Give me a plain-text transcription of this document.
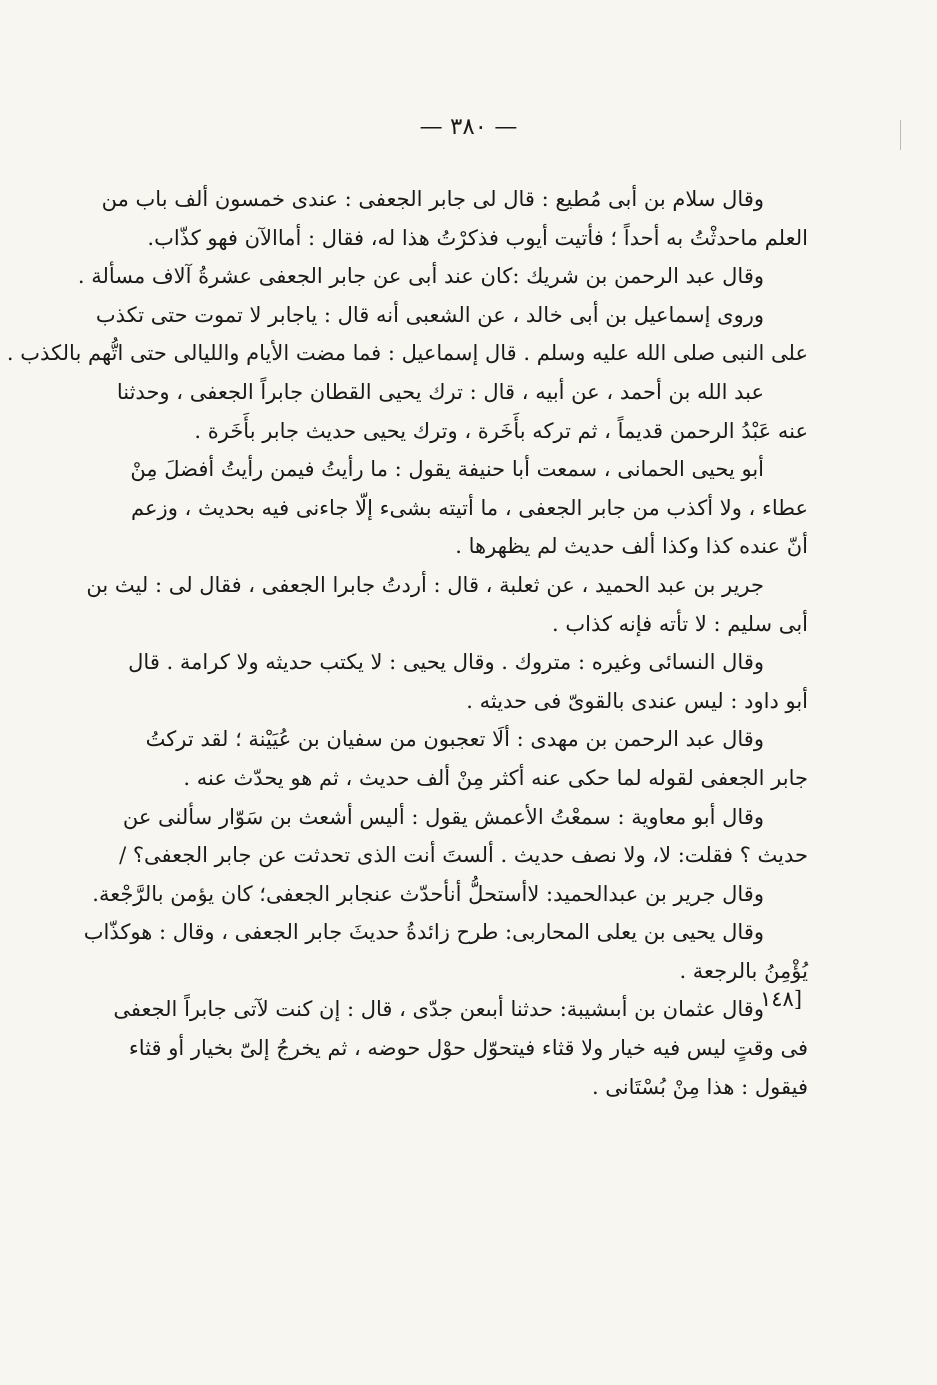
— ٣٨٠ —
[١٤٨
وقال سلام بن أبى مُطيع : قال لى جابر الجعفى : عندى خمسون ألف باب من
العلم ماحدثْتُ به أحداً ؛ فأتيت أيوب فذكرْتُ هذا له، فقال : أماالآن فهو كذّاب.
وقال عبد الرحمن بن شريك :كان عند أبى عن جابر الجعفى عشرةُ آلاف مسألة .
وروى إسماعيل بن أبى خالد ، عن الشعبى أنه قال : ياجابر لا تموت حتى تكذب
على النبى صلى الله عليه وسلم . قال إسماعيل : فما مضت الأيام والليالى حتى اتُّهم بالكذب .
عبد الله بن أحمد ، عن أبيه ، قال : ترك يحيى القطان جابراً الجعفى ، وحدثنا
عنه عَبْدُ الرحمن قديماً ، ثم تركه بأَخَرة ، وترك يحيى حديث جابر بأَخَرة .
أبو يحيى الحمانى ، سمعت أبا حنيفة يقول : ما رأيتُ فيمن رأيتُ أفضلَ مِنْ
عطاء ، ولا أكذب من جابر الجعفى ، ما أتيته بشىء إلّا جاءنى فيه بحديث ، وزعم
أنّ عنده كذا وكذا ألف حديث لم يظهرها .
جرير بن عبد الحميد ، عن ثعلبة ، قال : أردتُ جابرا الجعفى ، فقال لى : ليث بن
أبى سليم : لا تأته فإنه كذاب .
وقال النسائى وغيره : متروك . وقال يحيى : لا يكتب حديثه ولا كرامة . قال
أبو داود : ليس عندى بالقوىّ فى حديثه .
وقال عبد الرحمن بن مهدى : ألَا تعجبون من سفيان بن عُيَيْنة ؛ لقد تركتُ
جابر الجعفى لقوله لما حكى عنه أكثر مِنْ ألف حديث ، ثم هو يحدّث عنه .
وقال أبو معاوية : سمعْتُ الأعمش يقول : أليس أشعث بن سَوّار سألنى عن
حديث ؟ فقلت: لا، ولا نصف حديث . ألستَ أنت الذى تحدثت عن جابر الجعفى؟ /
وقال جرير بن عبدالحميد: لاأستحلُّ أنأحدّث عنجابر الجعفى؛ كان يؤمن بالرَّجْعة.
وقال يحيى بن يعلى المحاربى: طرح زائدةُ حديثَ جابر الجعفى ، وقال : هوكذّاب
يُؤْمِنُ بالرجعة .
وقال عثمان بن أبىشيبة: حدثنا أبىعن جدّى ، قال : إن كنت لآتى جابراً الجعفى
فى وقتٍ ليس فيه خيار ولا قثاء فيتحوّل حوْل حوضه ، ثم يخرجُ إلىّ بخيار أو قثاء
فيقول : هذا مِنْ بُسْتَانى .
